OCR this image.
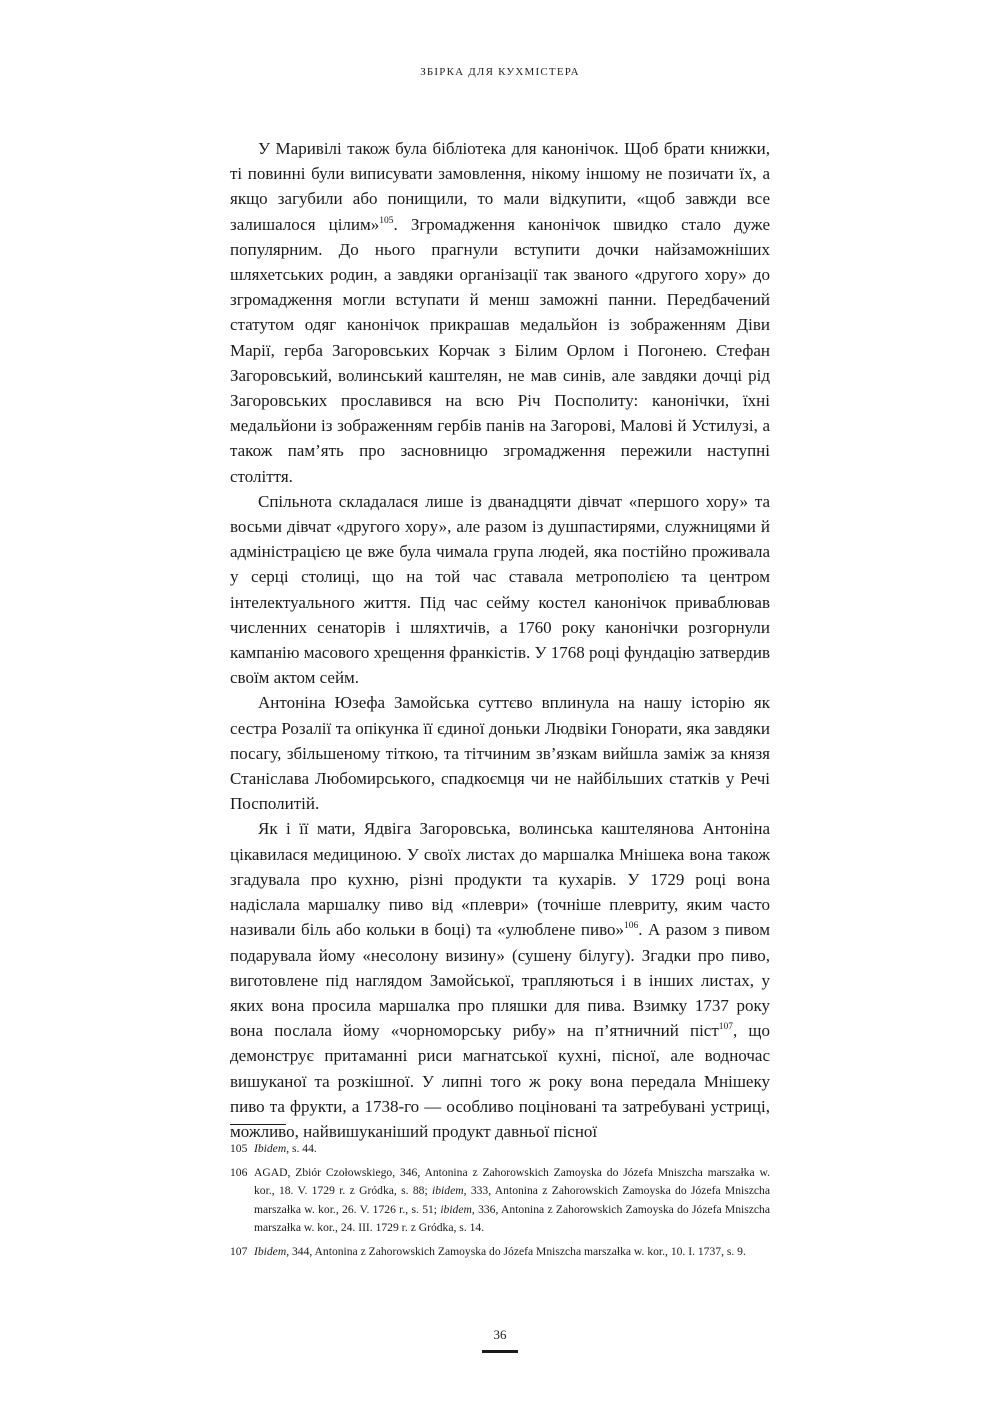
ЗБІРКА ДЛЯ КУХМІСТЕРА

У Маривілі також була бібліотека для канонічок. Щоб брати книжки, ті повинні були виписувати замовлення, нікому іншому не позичати їх, а якщо загубили або понищили, то мали відкупити, «щоб завжди все залишалося цілим»$^{105}$. Згромадження канонічок швидко стало дуже популярним. До нього прагнули вступити дочки найзаможніших шляхетських родин, а завдяки організації так званого «другого хору» до згромадження могли вступати й менш заможні панни. Передбачений статутом одяг канонічок прикрашав медальйон із зображенням Діви Марії, герба Загоровських Корчак з Білим Орлом і Погонею. Стефан Загоровський, волинський каштелян, не мав синів, але завдяки дочці рід Загоровських прославився на всю Річ Посполиту: канонічки, їхні медальйони із зображенням гербів панів на Загорові, Малові й Устилузі, а також пам’ять про засновницю згромадження пережили наступні століття.

Спільнота складалася лише із дванадцяти дівчат «першого хору» та восьми дівчат «другого хору», але разом із душпастирями, служницями й адміністрацією це вже була чимала група людей, яка постійно проживала у серці столиці, що на той час ставала метрополією та центром інтелектуального життя. Під час сейму костел канонічок приваблював численних сенаторів і шляхтичів, а 1760 року канонічки розгорнули кампанію масового хрещення франкістів. У 1768 році фундацію затвердив своїм актом сейм.

Антоніна Юзефа Замойська суттєво вплинула на нашу історію як сестра Розалії та опікунка її єдиної доньки Людвіки Гонорати, яка завдяки посагу, збільшеному тіткою, та тітчиним зв’язкам вийшла заміж за князя Станіслава Любомирського, спадкоємця чи не найбільших статків у Речі Посполитій.

Як і її мати, Ядвіга Загоровська, волинська каштелянова Антоніна цікавилася медициною. У своїх листах до маршалка Мнішека вона також згадувала про кухню, різні продукти та кухарів. У 1729 році вона надіслала маршалку пиво від «плеври» (точніше плевриту, яким часто називали біль або кольки в боці) та «улюблене пиво»$^{106}$. А разом з пивом подарувала йому «несолону визину» (сушену білугу). Згадки про пиво, виготовлене під наглядом Замойської, трапляються і в інших листах, у яких вона просила маршалка про пляшки для пива. Взимку 1737 року вона послала йому «чорноморську рибу» на п’ятничний піст$^{107}$, що демонструє притаманні риси магнатської кухні, пісної, але водночас вишуканої та розкішної. У липні того ж року вона передала Мнішеку пиво та фрукти, а 1738-го — особливо поціновані та затребувані устриці, можливо, найвишуканіший продукт давньої пісної

105 Ibidem, s. 44.
106 AGAD, Zbiór Czołowskiego, 346, Antonina z Zahorowskich Zamoyska do Józefa Mniszcha marszałka w. kor., 18. V. 1729 r. z Gródka, s. 88; ibidem, 333, Antonina z Zahorowskich Zamoyska do Józefa Mniszcha marszałka w. kor., 26. V. 1726 r., s. 51; ibidem, 336, Antonina z Zahorowskich Zamoyska do Józefa Mniszcha marszałka w. kor., 24. III. 1729 r. z Gródka, s. 14.
107 Ibidem, 344, Antonina z Zahorowskich Zamoyska do Józefa Mniszcha marszałka w. kor., 10. I. 1737, s. 9.
36
